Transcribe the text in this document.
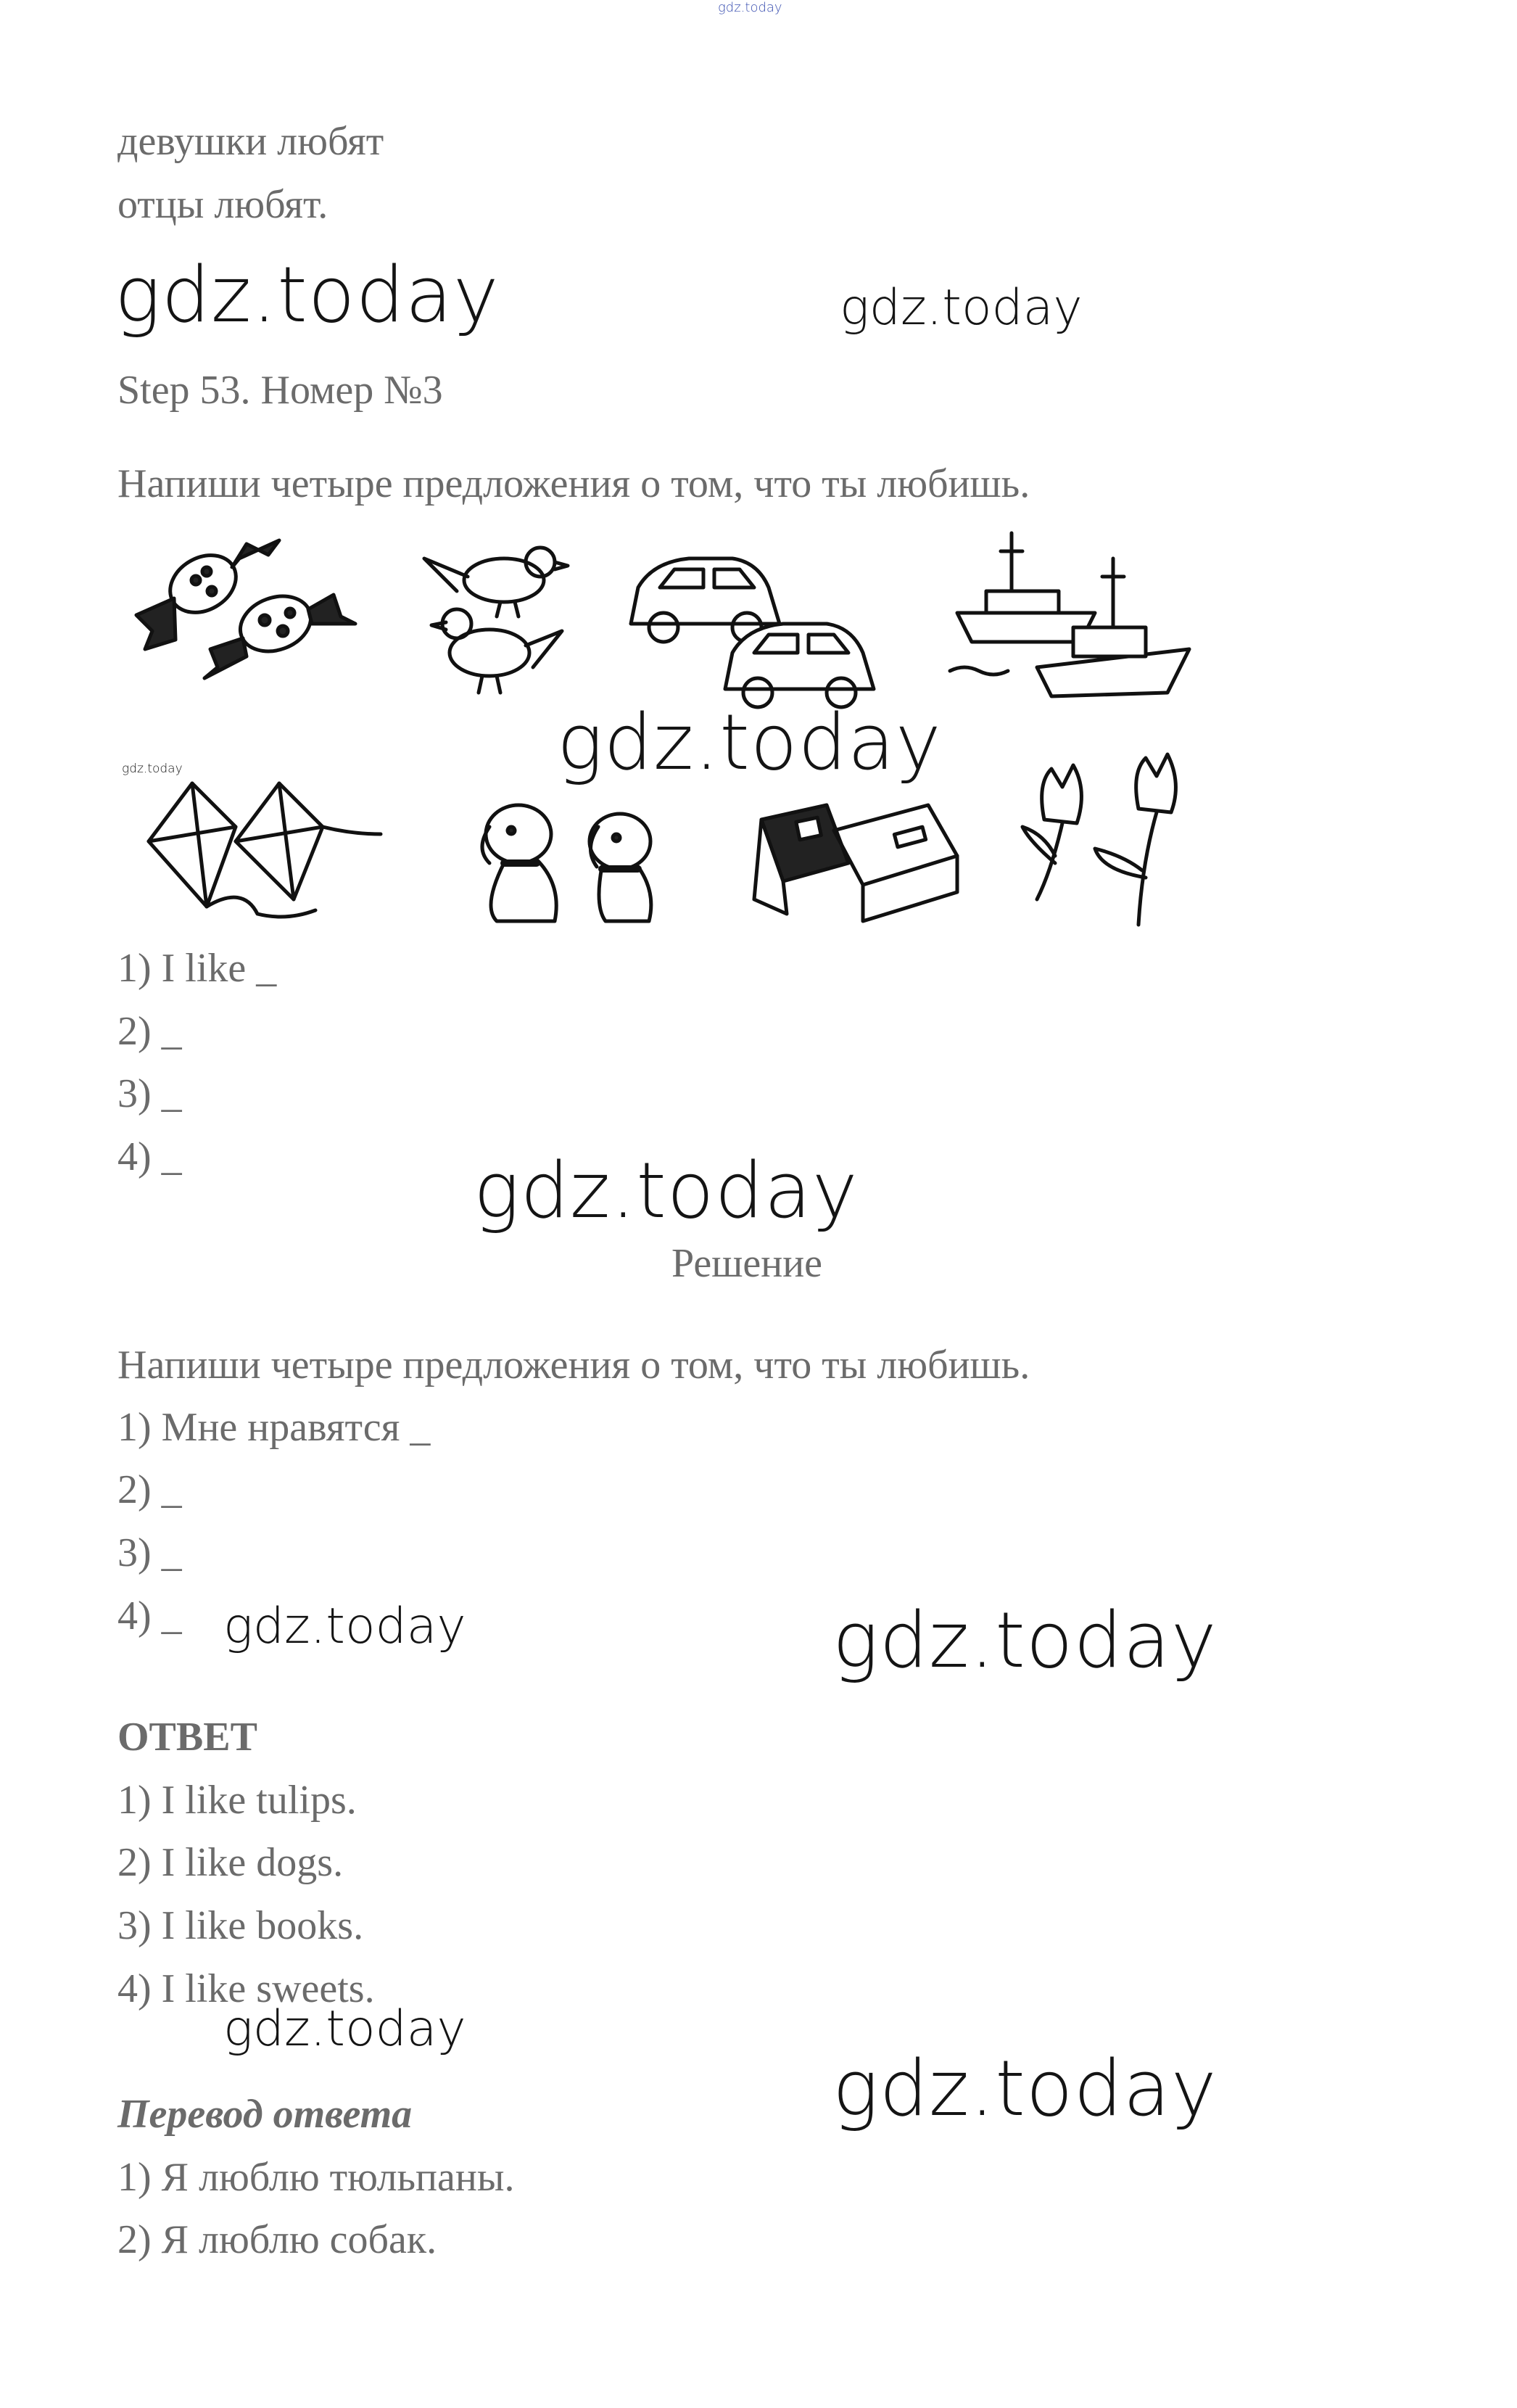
gdz.today
девушки любят
отцы любят.
gdz.today	gdz.today
Step 53. Номер №3
Напиши четыре предложения о том, что ты любишь.
gdz.today
gdz.today
1) I like _
2) _
3) _
4) _	gdz.today
Решение
Напиши четыре предложения о том, что ты любишь.
1) Мне нравятся _
2) _
3) _
4) _ gdz.today	gdz.today
ОТВЕТ
1) I like tulips.
2) I like dogs.
3) I like books.
4) I like sweets.
gdz.today
gdz.today
Перевод ответа
1) Я люблю тюльпаны.
2) Я люблю собак.
